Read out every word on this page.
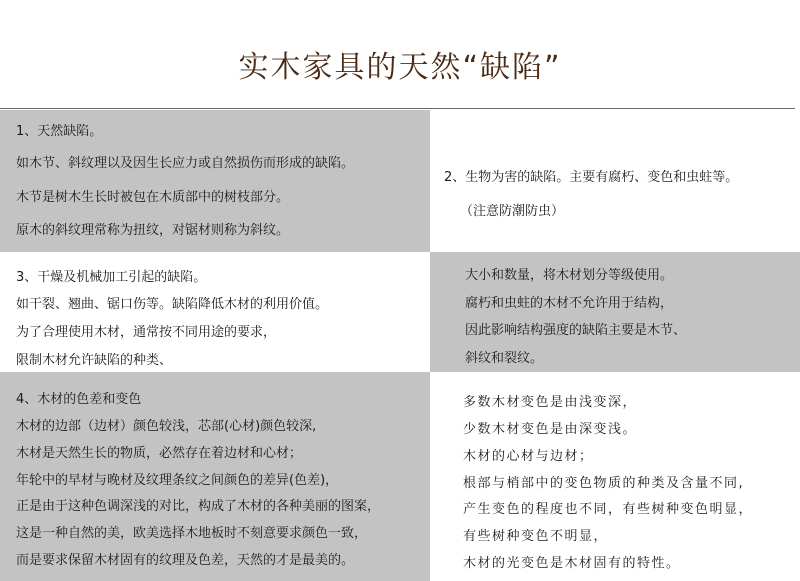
实木家具的天然“缺陷”
1、天然缺陷。
如木节、斜纹理以及因生长应力或自然损伤而形成的缺陷。
木节是树木生长时被包在木质部中的树枝部分。
原木的斜纹理常称为扭纹，对锯材则称为斜纹。
2、生物为害的缺陷。主要有腐朽、变色和虫蛀等。
（注意防潮防虫）
3、干燥及机械加工引起的缺陷。
如干裂、翘曲、锯口伤等。缺陷降低木材的利用价值。
为了合理使用木材，通常按不同用途的要求，
限制木材允许缺陷的种类、
大小和数量，将木材划分等级使用。
腐朽和虫蛀的木材不允许用于结构，
因此影响结构强度的缺陷主要是木节、
斜纹和裂纹。
4、木材的色差和变色
木材的边部（边材）颜色较浅，芯部(心材)颜色较深,
木材是天然生长的物质，必然存在着边材和心材；
年轮中的早材与晚材及纹理条纹之间颜色的差异(色差)，
正是由于这种色调深浅的对比，构成了木材的各种美丽的图案，
这是一种自然的美，欧美选择木地板时不刻意要求颜色一致，
而是要求保留木材固有的纹理及色差，天然的才是最美的。
多数木材变色是由浅变深，
少数木材变色是由深变浅。
木材的心材与边材；
根部与梢部中的变色物质的种类及含量不同,
产生变色的程度也不同，有些树种变色明显，
有些树种变色不明显，
木材的光变色是木材固有的特性。
